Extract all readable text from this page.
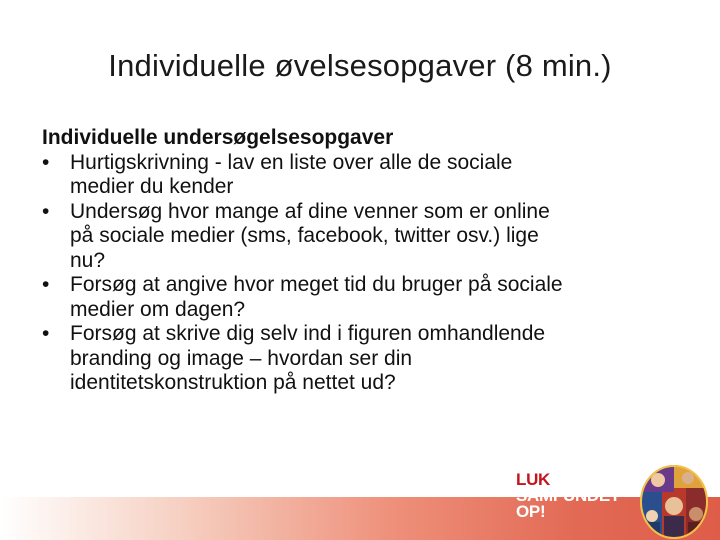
Individuelle øvelsesopgaver (8 min.)

Individuelle undersøgelsesopgaver

• Hurtigskrivning - lav en liste over alle de sociale
medier du kender
• Undersøg hvor mange af dine venner som er online
på sociale medier (sms, facebook, twitter osv.) lige
nu?
• Forsøg at angive hvor meget tid du bruger på sociale
medier om dagen?
• Forsøg at skrive dig selv ind i figuren omhandlende
branding og image – hvordan ser din
identitetskonstruktion på nettet ud?
LUK
SAMFUNDET
OP!
